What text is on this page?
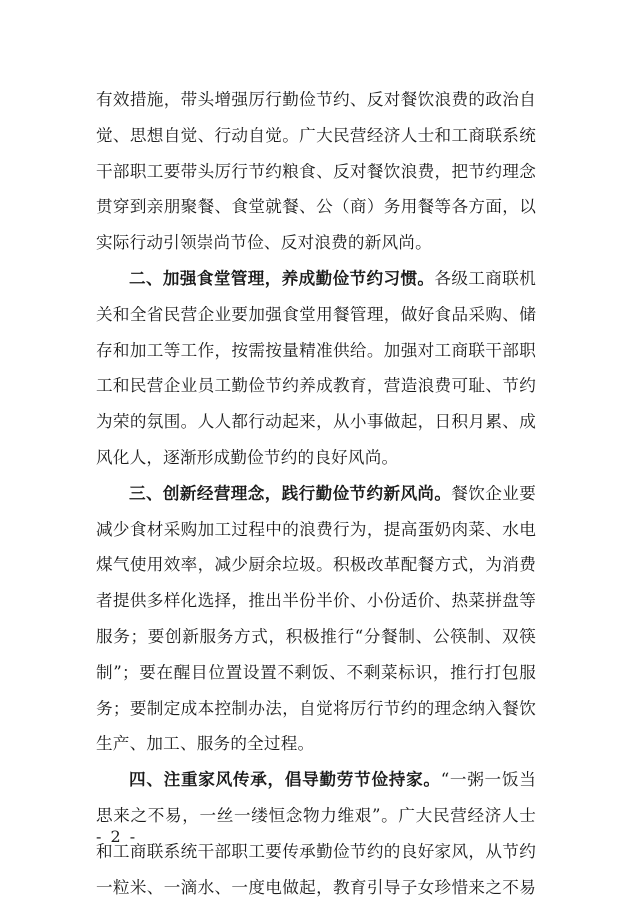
有效措施，带头增强厉行勤俭节约、反对餐饮浪费的政治自
觉、思想自觉、行动自觉。广大民营经济人士和工商联系统
干部职工要带头厉行节约粮食、反对餐饮浪费，把节约理念
贯穿到亲朋聚餐、食堂就餐、公（商）务用餐等各方面，以
实际行动引领崇尚节俭、反对浪费的新风尚。
二、加强食堂管理，养成勤俭节约习惯。各级工商联机
关和全省民营企业要加强食堂用餐管理，做好食品采购、储
存和加工等工作，按需按量精准供给。加强对工商联干部职
工和民营企业员工勤俭节约养成教育，营造浪费可耻、节约
为荣的氛围。人人都行动起来，从小事做起，日积月累、成
风化人，逐渐形成勤俭节约的良好风尚。
三、创新经营理念，践行勤俭节约新风尚。餐饮企业要
减少食材采购加工过程中的浪费行为，提高蛋奶肉菜、水电
煤气使用效率，减少厨余垃圾。积极改革配餐方式，为消费
者提供多样化选择，推出半份半价、小份适价、热菜拼盘等
服务；要创新服务方式，积极推行“分餐制、公筷制、双筷
制”；要在醒目位置设置不剩饭、不剩菜标识，推行打包服
务；要制定成本控制办法，自觉将厉行节约的理念纳入餐饮
生产、加工、服务的全过程。
四、注重家风传承，倡导勤劳节俭持家。“一粥一饭当
思来之不易，一丝一缕恒念物力维艰”。广大民营经济人士
和工商联系统干部职工要传承勤俭节约的良好家风，从节约
一粒米、一滴水、一度电做起，教育引导子女珍惜来之不易
- 2 -
